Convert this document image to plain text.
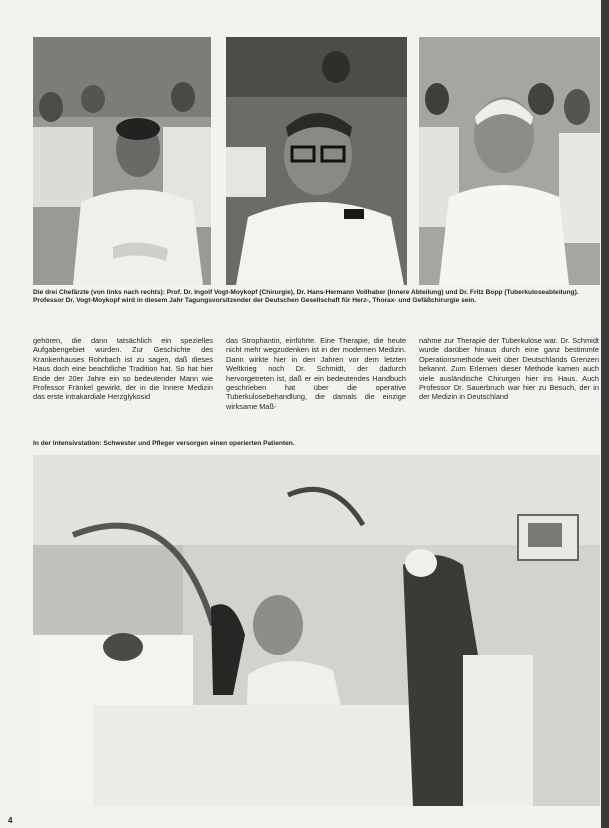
Die drei Chefärzte (von links nach rechts): Prof. Dr. Ingolf Vogt-Moykopf (Chirurgie), Dr. Hans-Hermann Vollhaber (Innere Abteilung) und Dr. Fritz Bopp (Tuberkuloseabteilung). Professor Dr. Vogt-Moykopf wird in diesem Jahr Tagungsvorsitzender der Deutschen Gesellschaft für Herz-, Thorax- und Gefäßchirurgie sein.

gehören, die dann tatsächlich ein spezielles Aufgabengebiet wurden. Zur Geschichte des Krankenhauses Rohrbach ist zu sagen, daß dieses Haus doch eine beachtliche Tradition hat. So hat hier Ende der 20er Jahre ein so bedeutender Mann wie Professor Fränkel gewirkt, der in die Innere Medizin das erste intrakardiale Herzglykosid

das Strophantin, einführte. Eine Therapie, die heute nicht mehr wegzudenken ist in der modernen Medizin. Dann wirkte hier in den Jahren vor dem letzten Weltkrieg noch Dr. Schmidt, der dadurch hervorgetreten ist, daß er ein bedeutendes Handbuch geschrieben hat über die operative Tuberkulosebehandlung, die damals die einzige wirksame Maß-

nahme zur Therapie der Tuberkulose war. Dr. Schmidt wurde darüber hinaus durch eine ganz bestimmte Operationsmethode weit über Deutschlands Grenzen bekannt. Zum Erlernen dieser Methode kamen auch viele ausländische Chirurgen hier ins Haus. Auch Professor Dr. Sauerbruch war hier zu Besuch, der in der Medizin in Deutschland

In der Intensivstation: Schwester und Pfleger versorgen einen operierten Patienten.

4
